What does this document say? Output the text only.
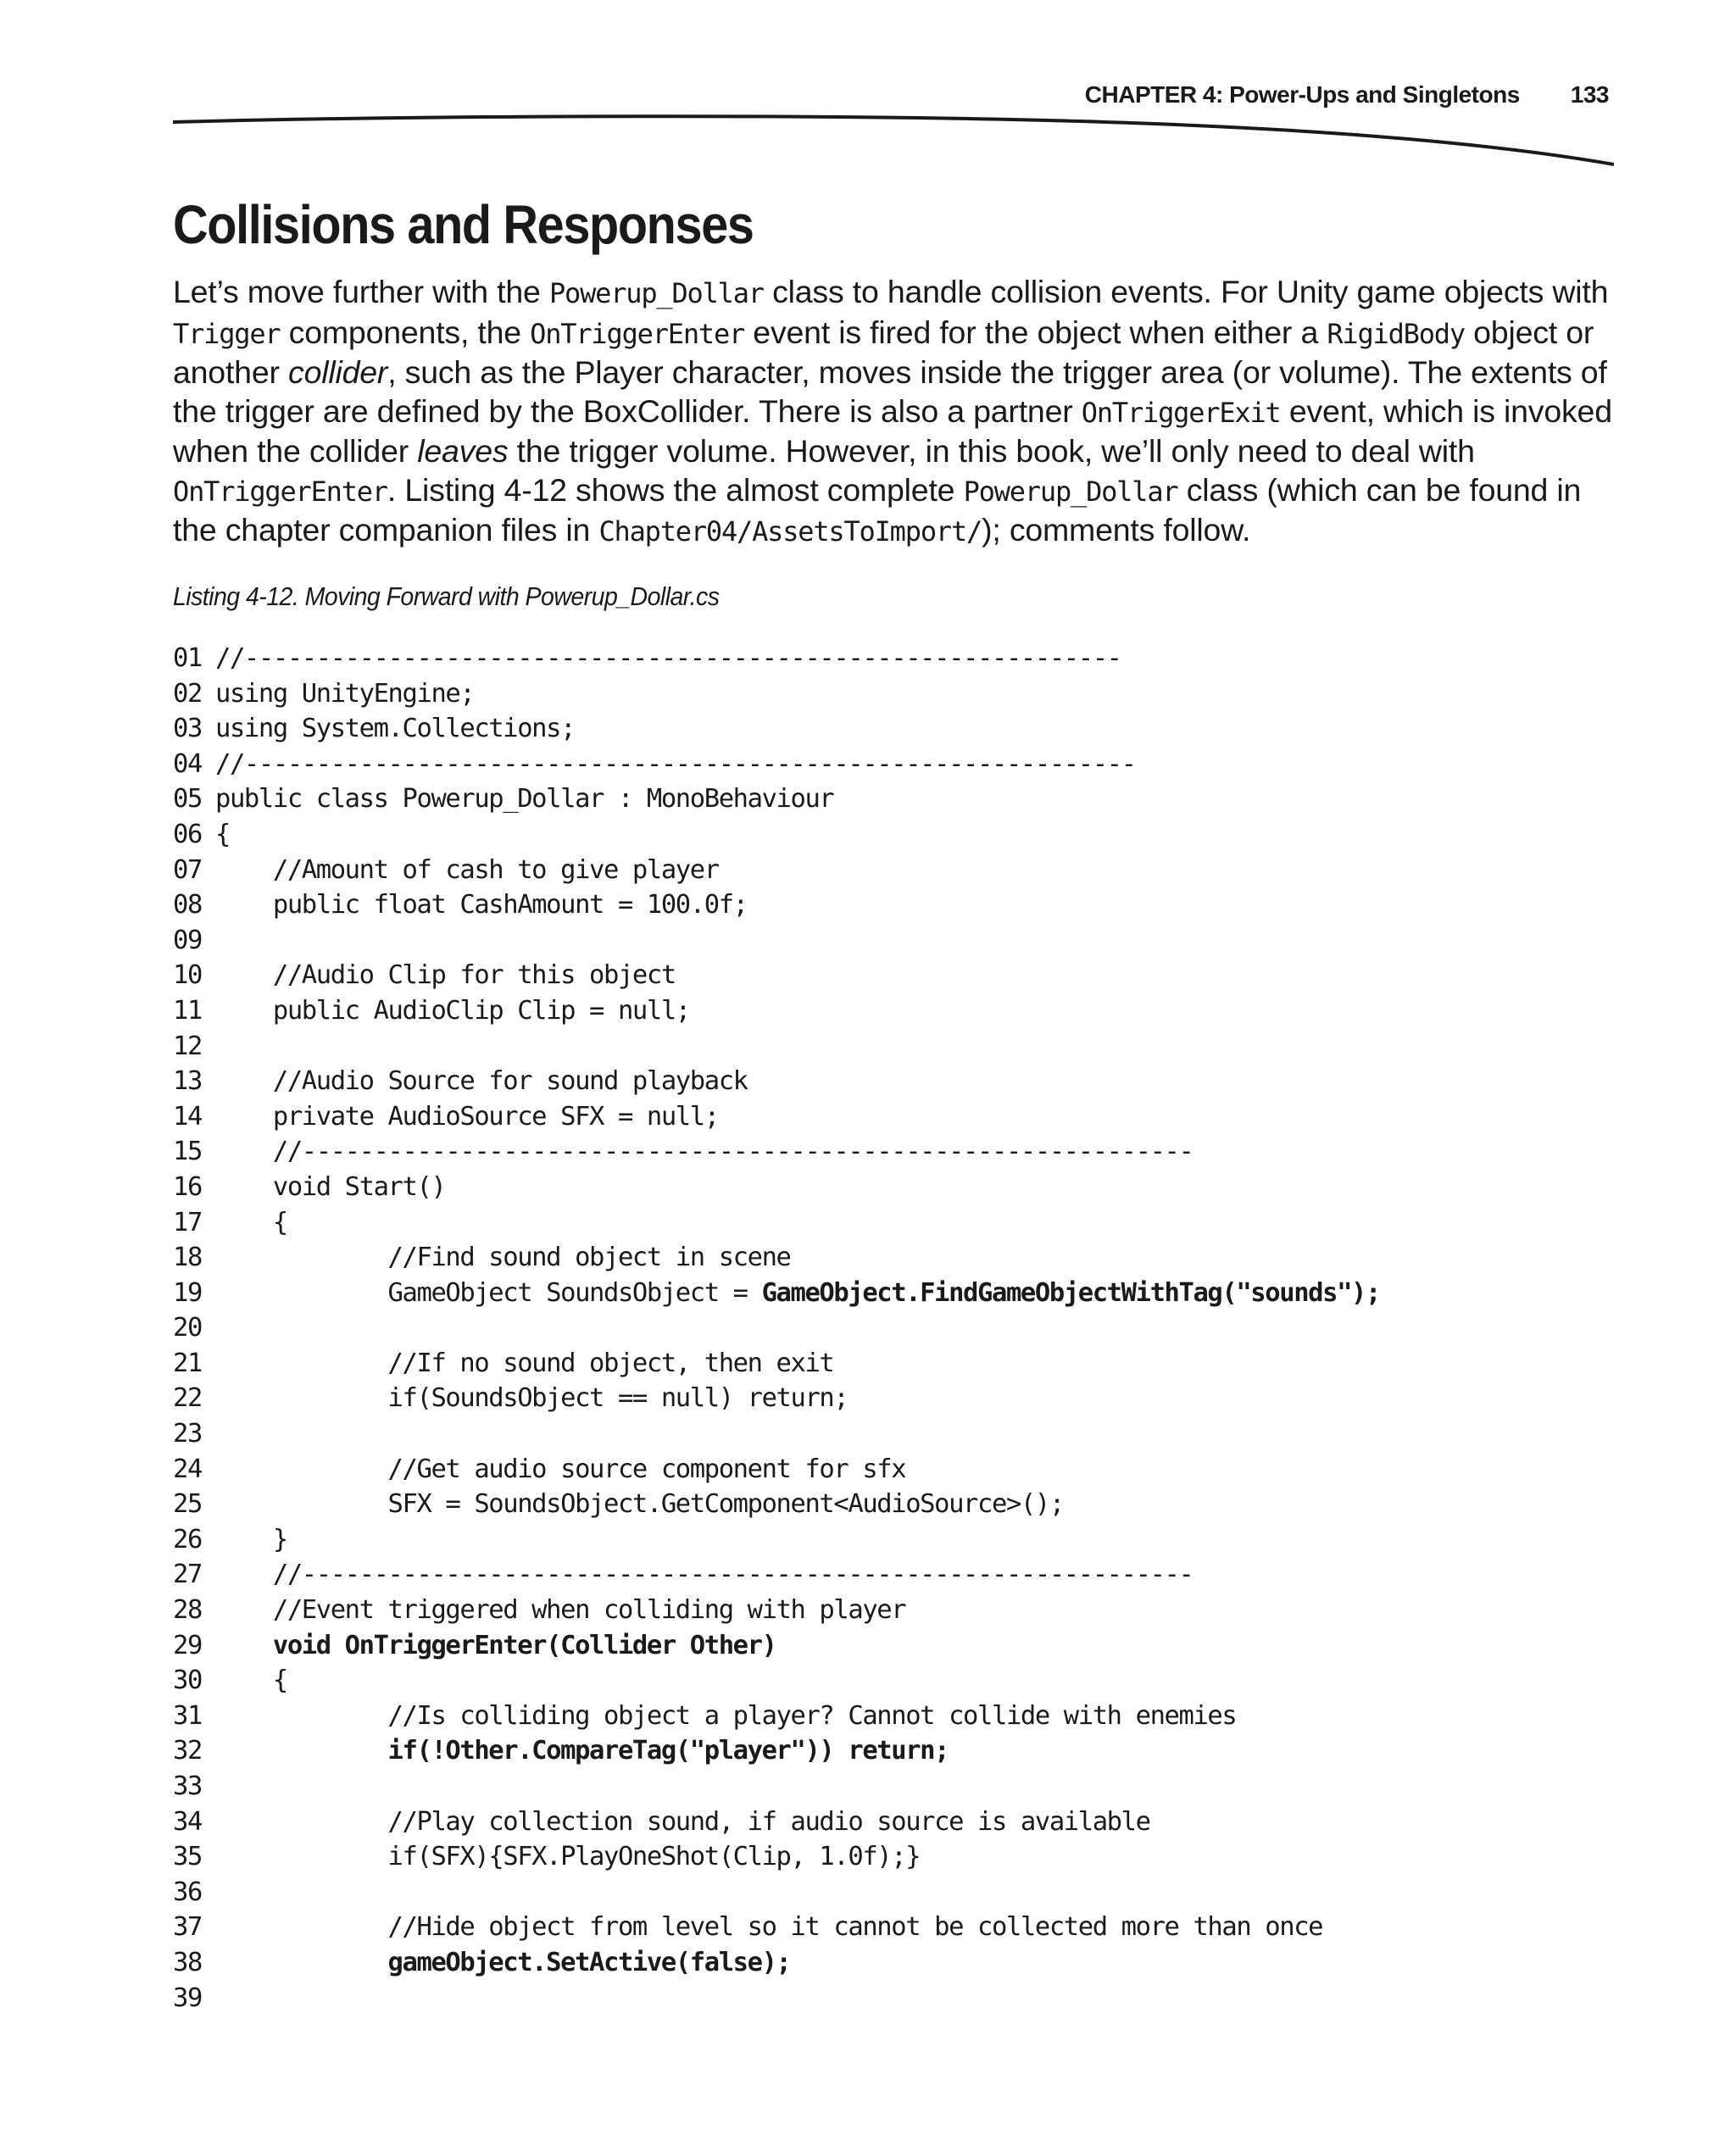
CHAPTER 4: Power-Ups and Singletons 133
Collisions and Responses

Let’s move further with the Powerup_Dollar class to handle collision events. For Unity game objects with Trigger components, the OnTriggerEnter event is fired for the object when either a RigidBody object or another collider, such as the Player character, moves inside the trigger area (or volume). The extents of the trigger are defined by the BoxCollider. There is also a partner OnTriggerExit event, which is invoked when the collider leaves the trigger volume. However, in this book, we’ll only need to deal with OnTriggerEnter. Listing 4-12 shows the almost complete Powerup_Dollar class (which can be found in the chapter companion files in Chapter04/AssetsToImport/); comments follow.

Listing 4-12. Moving Forward with Powerup_Dollar.cs

01 //-------------------------------------------------------------
02 using UnityEngine;
03 using System.Collections;
04 //--------------------------------------------------------------
05 public class Powerup_Dollar : MonoBehaviour
06 {
07 //Amount of cash to give player
08 public float CashAmount = 100.0f;
09
10 //Audio Clip for this object
11 public AudioClip Clip = null;
12
13 //Audio Source for sound playback
14 private AudioSource SFX = null;
15 //--------------------------------------------------------------
16 void Start()
17 {
18 //Find sound object in scene
19 GameObject SoundsObject = GameObject.FindGameObjectWithTag("sounds");
20
21 //If no sound object, then exit
22 if(SoundsObject == null) return;
23
24 //Get audio source component for sfx
25 SFX = SoundsObject.GetComponent<AudioSource>();
26 }
27 //--------------------------------------------------------------
28 //Event triggered when colliding with player
29 void OnTriggerEnter(Collider Other)
30 {
31 //Is colliding object a player? Cannot collide with enemies
32 if(!Other.CompareTag("player")) return;
33
34 //Play collection sound, if audio source is available
35 if(SFX){SFX.PlayOneShot(Clip, 1.0f);}
36
37 //Hide object from level so it cannot be collected more than once
38 gameObject.SetActive(false);
39
